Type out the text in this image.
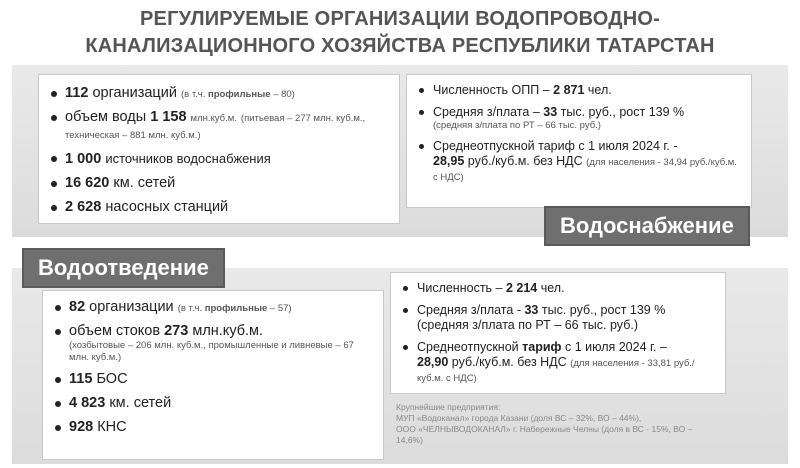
РЕГУЛИРУЕМЫЕ ОРГАНИЗАЦИИ ВОДОПРОВОДНО-
КАНАЛИЗАЦИОННОГО ХОЗЯЙСТВА РЕСПУБЛИКИ ТАТАРСТАН
112 организаций (в т.ч. профильные – 80)
объем воды 1 158 млн.куб.м. (питьевая – 277 млн. куб.м., техническая – 881 млн. куб.м.)
1 000 источников водоснабжения
16 620 км. сетей
2 628 насосных станций
Численность ОПП – 2 871 чел.
Средняя з/плата – 33 тыс. руб., рост 139 %
(средняя з/плата по РТ – 66 тыс. руб.)
Среднеотпускной тариф с 1 июля 2024 г. -
28,95 руб./куб.м. без НДС (для населения - 34,94 руб./куб.м. с НДС)
Водоснабжение
Водоотведение
82 организации (в т.ч. профильные – 57)
объем стоков 273 млн.куб.м.
(хозбытовые – 206 млн. куб.м., промышленные и ливневые – 67 млн. куб.м.)
115 БОС
4 823 км. сетей
928 КНС
Численность – 2 214 чел.
Средняя з/плата - 33 тыс. руб., рост 139 %
(средняя з/плата по РТ – 66 тыс. руб.)
Среднеотпускной тариф с 1 июля 2024 г. –
28,90 руб./куб.м. без НДС (для населения - 33,81 руб./куб.м. с НДС)
Крупнейшие предприятия:
МУП «Водоканал» города Казани (доля ВС – 32%, ВО – 44%),
ООО «ЧЕЛНЫВОДОКАНАЛ» г. Набережные Челны (доля в ВС - 15%, ВО – 14,6%)
